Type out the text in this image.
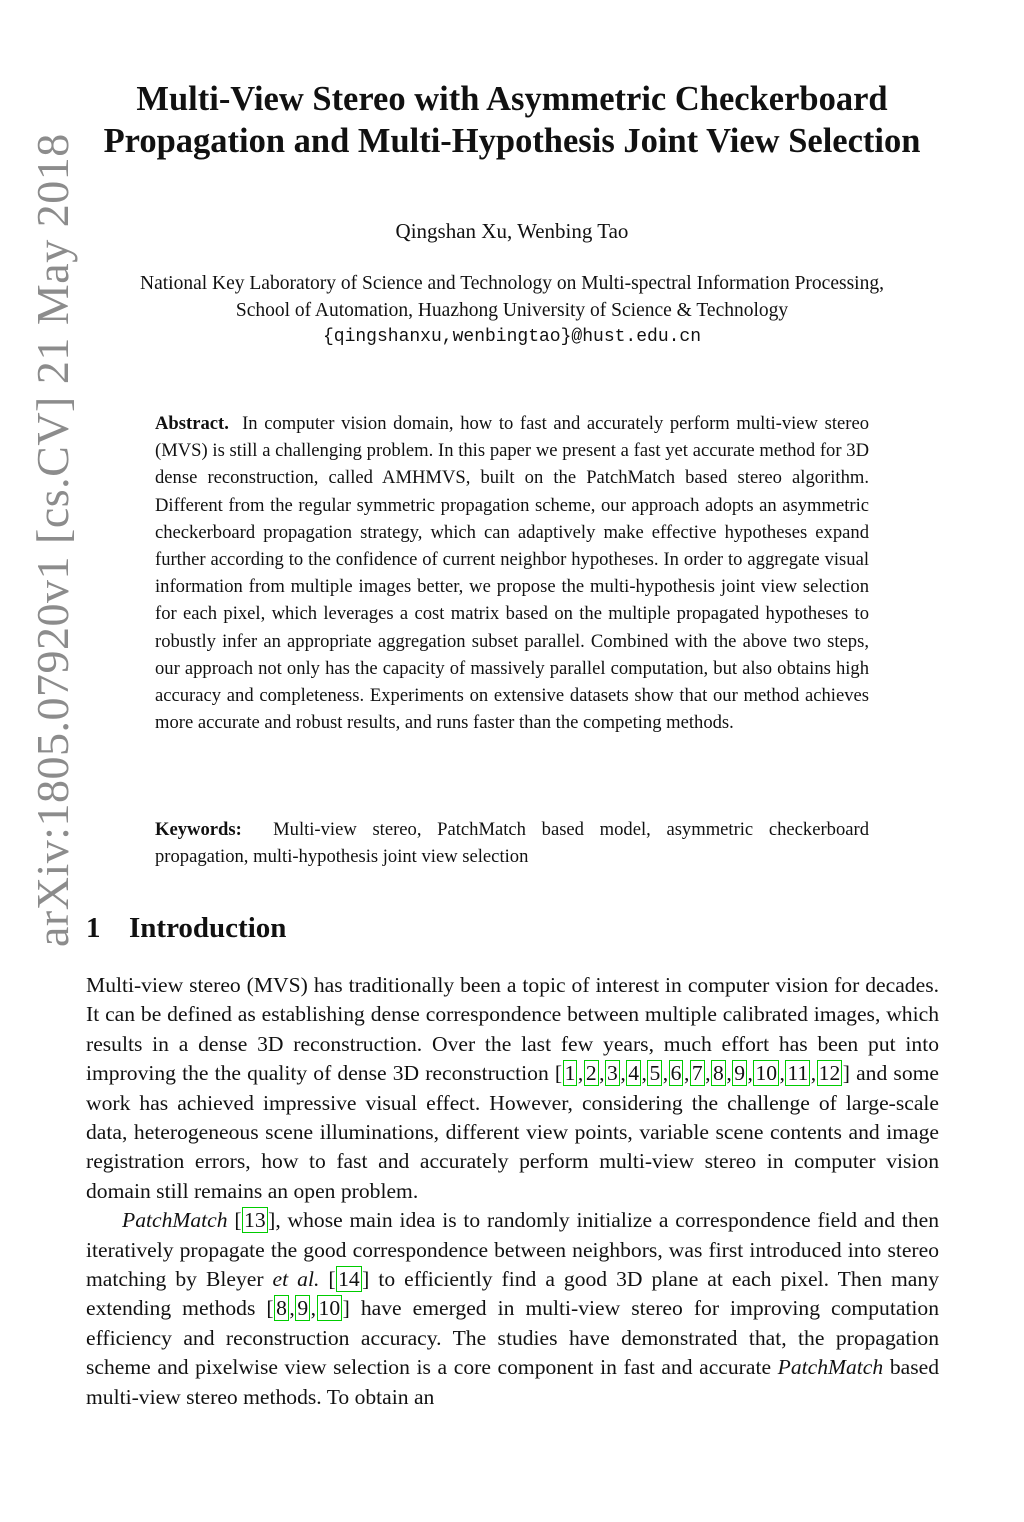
arXiv:1805.07920v1 [cs.CV] 21 May 2018
Multi-View Stereo with Asymmetric Checkerboard
Propagation and Multi-Hypothesis Joint View Selection
Qingshan Xu, Wenbing Tao
National Key Laboratory of Science and Technology on Multi-spectral Information Processing,
School of Automation, Huazhong University of Science & Technology
{qingshanxu,wenbingtao}@hust.edu.cn
Abstract. In computer vision domain, how to fast and accurately perform multi-view stereo (MVS) is still a challenging problem. In this paper we present a fast yet accurate method for 3D dense reconstruction, called AMHMVS, built on the PatchMatch based stereo algorithm. Different from the regular symmetric propagation scheme, our approach adopts an asymmetric checkerboard propagation strategy, which can adaptively make effective hypotheses expand further according to the confidence of current neighbor hypotheses. In order to aggregate visual information from multiple images better, we propose the multi-hypothesis joint view selection for each pixel, which leverages a cost matrix based on the multiple propagated hypotheses to robustly infer an appropriate aggregation subset parallel. Combined with the above two steps, our approach not only has the capacity of massively parallel computation, but also obtains high accuracy and completeness. Experiments on extensive datasets show that our method achieves more accurate and robust results, and runs faster than the competing methods.
Keywords: Multi-view stereo, PatchMatch based model, asymmetric checkerboard propagation, multi-hypothesis joint view selection
1 Introduction

Multi-view stereo (MVS) has traditionally been a topic of interest in computer vision for decades. It can be defined as establishing dense correspondence between multiple calibrated images, which results in a dense 3D reconstruction. Over the last few years, much effort has been put into improving the the quality of dense 3D reconstruction [ 1 , 2 , 3 , 4 , 5 , 6 , 7 , 8 , 9 , 10 , 11 , 12 ] and some work has achieved impressive visual effect. However, considering the challenge of large-scale data, heterogeneous scene illuminations, different view points, variable scene contents and image registration errors, how to fast and accurately perform multi-view stereo in computer vision domain still remains an open problem.

PatchMatch [ 13 ], whose main idea is to randomly initialize a correspondence field and then iteratively propagate the good correspondence between neighbors, was first introduced into stereo matching by Bleyer et al. [ 14 ] to efficiently find a good 3D plane at each pixel. Then many extending methods [ 8 , 9 , 10 ] have emerged in multi-view stereo for improving computation efficiency and reconstruction accuracy. The studies have demonstrated that, the propagation scheme and pixelwise view selection is a core component in fast and accurate PatchMatch based multi-view stereo methods. To obtain an
